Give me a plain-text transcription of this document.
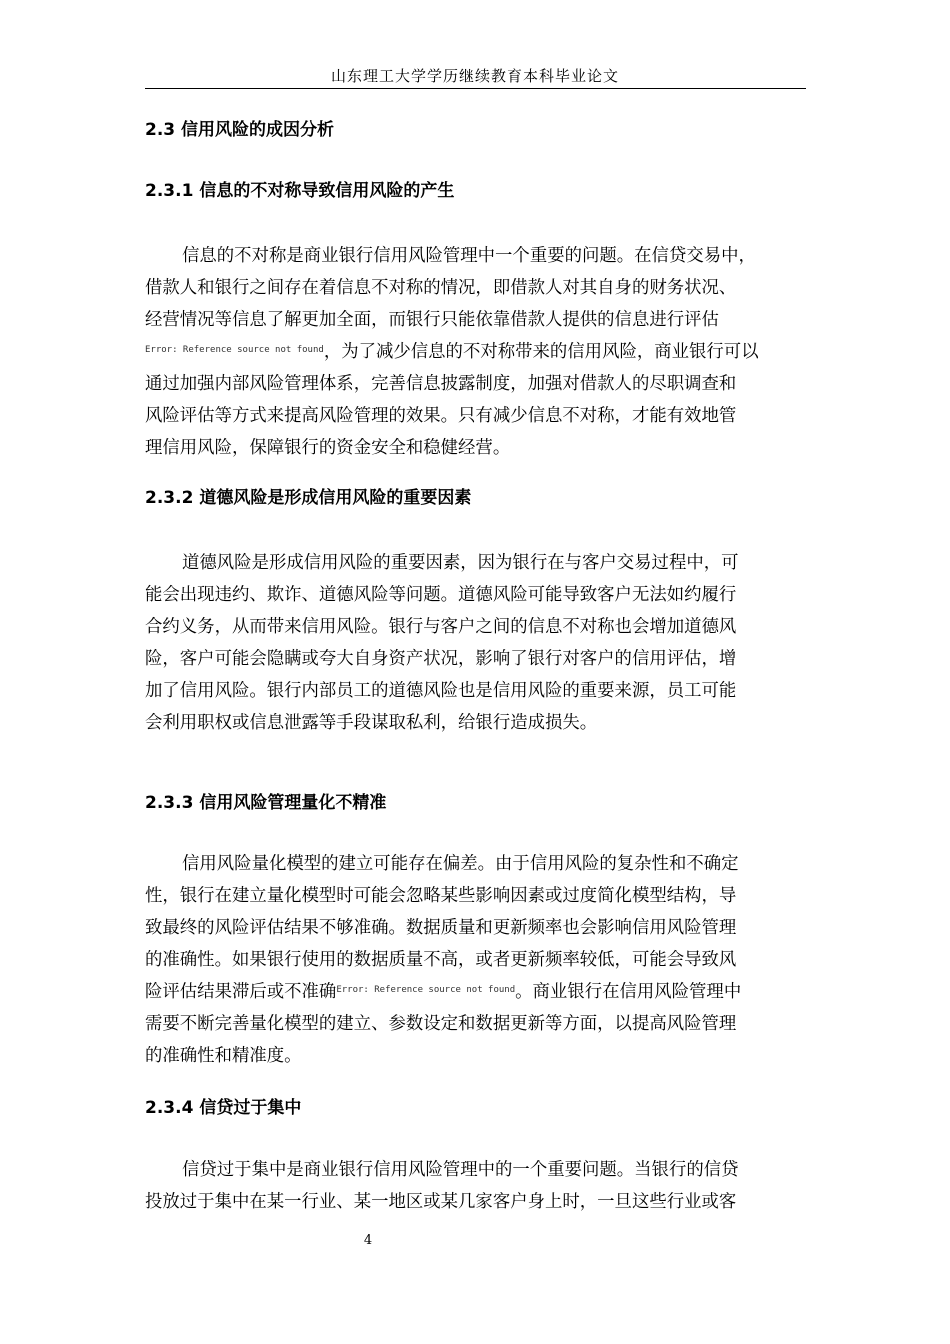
山东理工大学学历继续教育本科毕业论文
2.3 信用风险的成因分析
2.3.1 信息的不对称导致信用风险的产生
信息的不对称是商业银行信用风险管理中一个重要的问题。在信贷交易中，
借款人和银行之间存在着信息不对称的情况，即借款人对其自身的财务状况、
经营情况等信息了解更加全面，而银行只能依靠借款人提供的信息进行评估
$^{Error: Reference source not found}$，为了减少信息的不对称带来的信用风险，商业银行可以
通过加强内部风险管理体系，完善信息披露制度，加强对借款人的尽职调查和
风险评估等方式来提高风险管理的效果。只有减少信息不对称，才能有效地管
理信用风险，保障银行的资金安全和稳健经营。
2.3.2 道德风险是形成信用风险的重要因素
道德风险是形成信用风险的重要因素，因为银行在与客户交易过程中，可
能会出现违约、欺诈、道德风险等问题。道德风险可能导致客户无法如约履行
合约义务，从而带来信用风险。银行与客户之间的信息不对称也会增加道德风
险，客户可能会隐瞒或夸大自身资产状况，影响了银行对客户的信用评估，增
加了信用风险。银行内部员工的道德风险也是信用风险的重要来源，员工可能
会利用职权或信息泄露等手段谋取私利，给银行造成损失。
2.3.3 信用风险管理量化不精准
信用风险量化模型的建立可能存在偏差。由于信用风险的复杂性和不确定
性，银行在建立量化模型时可能会忽略某些影响因素或过度简化模型结构，导
致最终的风险评估结果不够准确。数据质量和更新频率也会影响信用风险管理
的准确性。如果银行使用的数据质量不高，或者更新频率较低，可能会导致风
险评估结果滞后或不准确$^{Error: Reference source not found}$。商业银行在信用风险管理中
需要不断完善量化模型的建立、参数设定和数据更新等方面，以提高风险管理
的准确性和精准度。
2.3.4 信贷过于集中
信贷过于集中是商业银行信用风险管理中的一个重要问题。当银行的信贷
投放过于集中在某一行业、某一地区或某几家客户身上时，一旦这些行业或客
4
